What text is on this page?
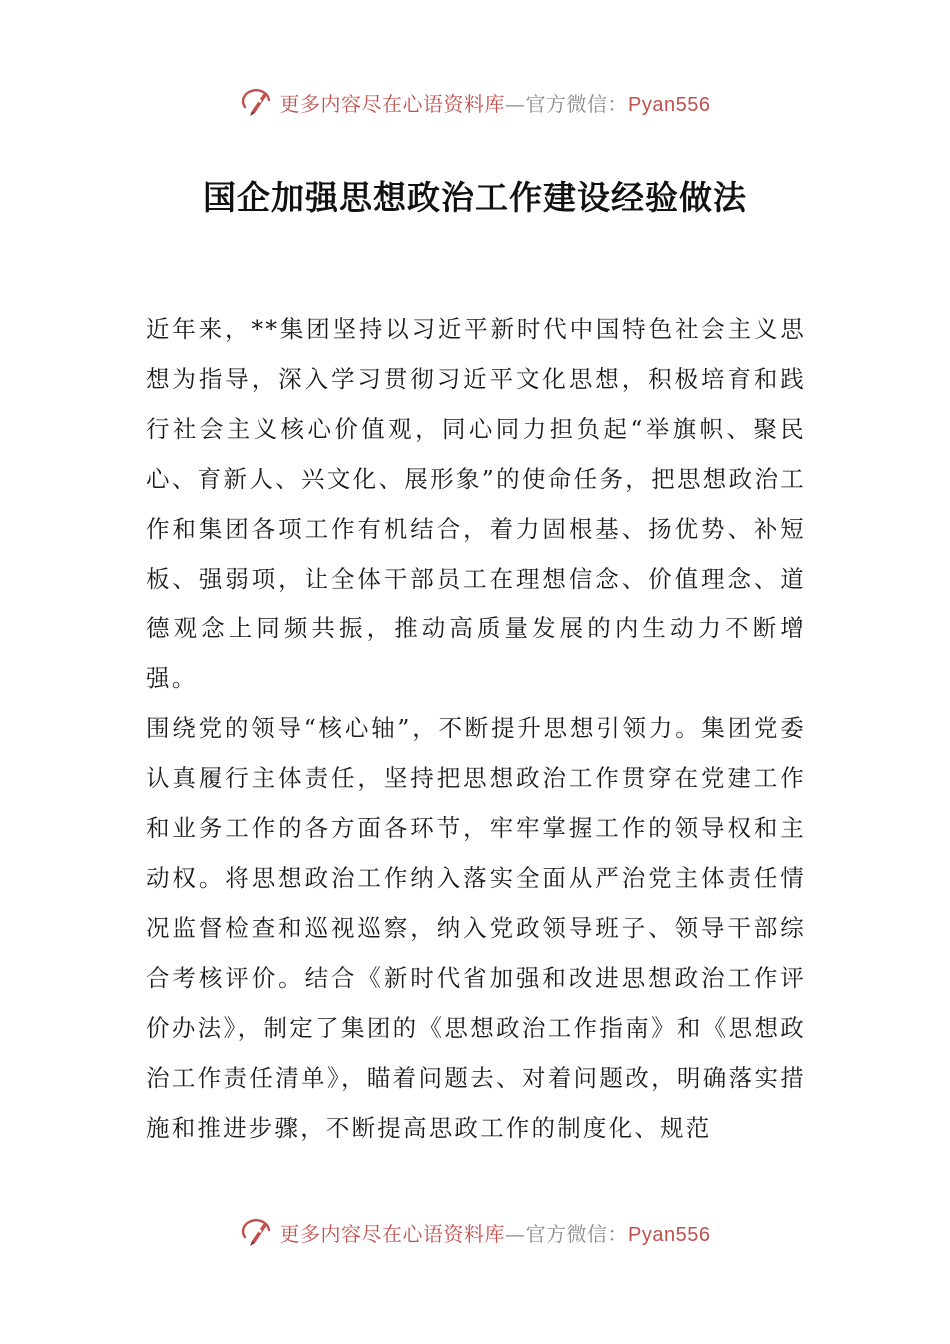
更多内容尽在心语资料库—官方微信：Pyan556
国企加强思想政治工作建设经验做法

近年来，**集团坚持以习近平新时代中国特色社会主义思想为指导，深入学习贯彻习近平文化思想，积极培育和践行社会主义核心价值观，同心同力担负起“举旗帜、聚民心、育新人、兴文化、展形象”的使命任务，把思想政治工作和集团各项工作有机结合，着力固根基、扬优势、补短板、强弱项，让全体干部员工在理想信念、价值理念、道德观念上同频共振，推动高质量发展的内生动力不断增强。

围绕党的领导“核心轴”，不断提升思想引领力。集团党委认真履行主体责任，坚持把思想政治工作贯穿在党建工作和业务工作的各方面各环节，牢牢掌握工作的领导权和主动权。将思想政治工作纳入落实全面从严治党主体责任情况监督检查和巡视巡察，纳入党政领导班子、领导干部综合考核评价。结合《新时代省加强和改进思想政治工作评价办法》，制定了集团的《思想政治工作指南》和《思想政治工作责任清单》，瞄着问题去、对着问题改，明确落实措施和推进步骤，不断提高思政工作的制度化、规范

更多内容尽在心语资料库—官方微信：Pyan556
